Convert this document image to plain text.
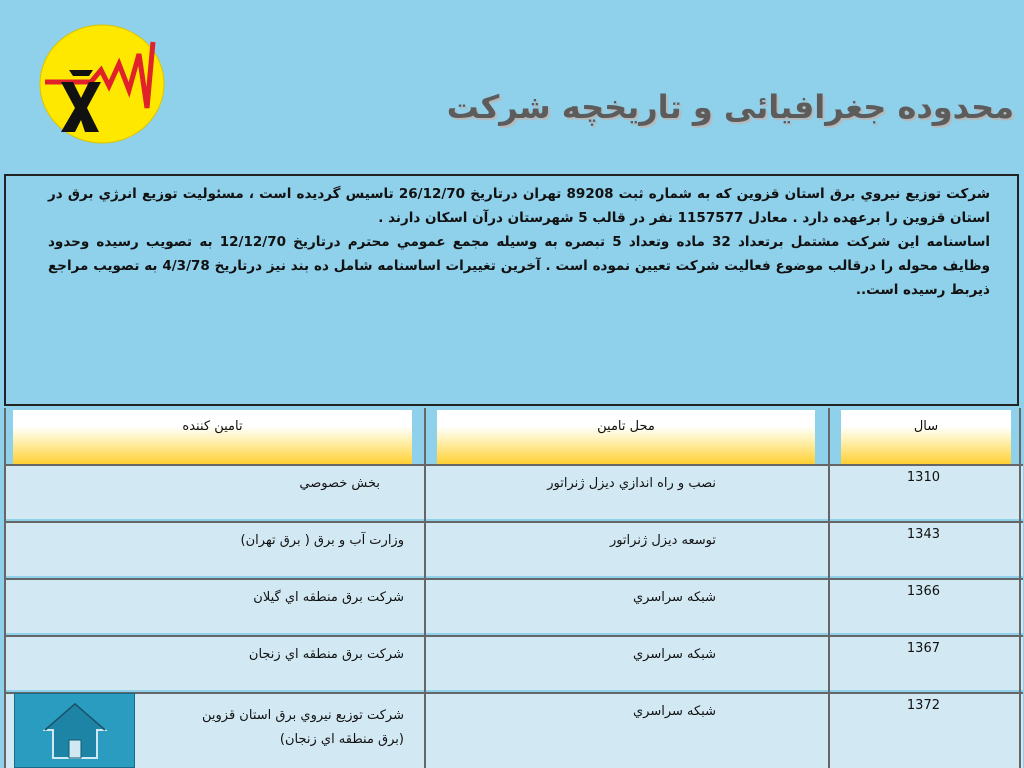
محدوده جغرافيائی و تاريخچه شرکت

شرکت توزيع نيروي برق استان قزوين که به شماره ثبت 89208 تهران درتاريخ 26/12/70 تاسيس گرديده است ، مسئوليت توزيع انرژي برق در استان قزوين را برعهده دارد . معادل 1157577 نفر در قالب 5 شهرستان درآن اسکان دارند .

اساسنامه اين شرکت مشتمل برتعداد 32 ماده وتعداد 5 تبصره به وسيله مجمع عمومي محترم درتاريخ 12/12/70 به تصويب رسيده وحدود وظايف محوله را درقالب موضوع فعاليت شرکت تعيين نموده است . آخرين تغييرات اساسنامه شامل ده بند نيز درتاريخ 4/3/78 به تصويب مراجع ذيربط رسيده است..

تامين کننده	محل تامين	سال
بخش خصوصي	نصب و راه اندازي ديزل ژنراتور	1310
وزارت آب و برق ( برق تهران)	توسعه ديزل ژنراتور	1343
شرکت برق منطقه اي گيلان	شبکه سراسري	1366
شرکت برق منطقه اي زنجان	شبکه سراسري	1367
شرکت توزيع نيروي برق استان قزوين
(برق منطقه اي زنجان)
شبکه سراسري	1372
